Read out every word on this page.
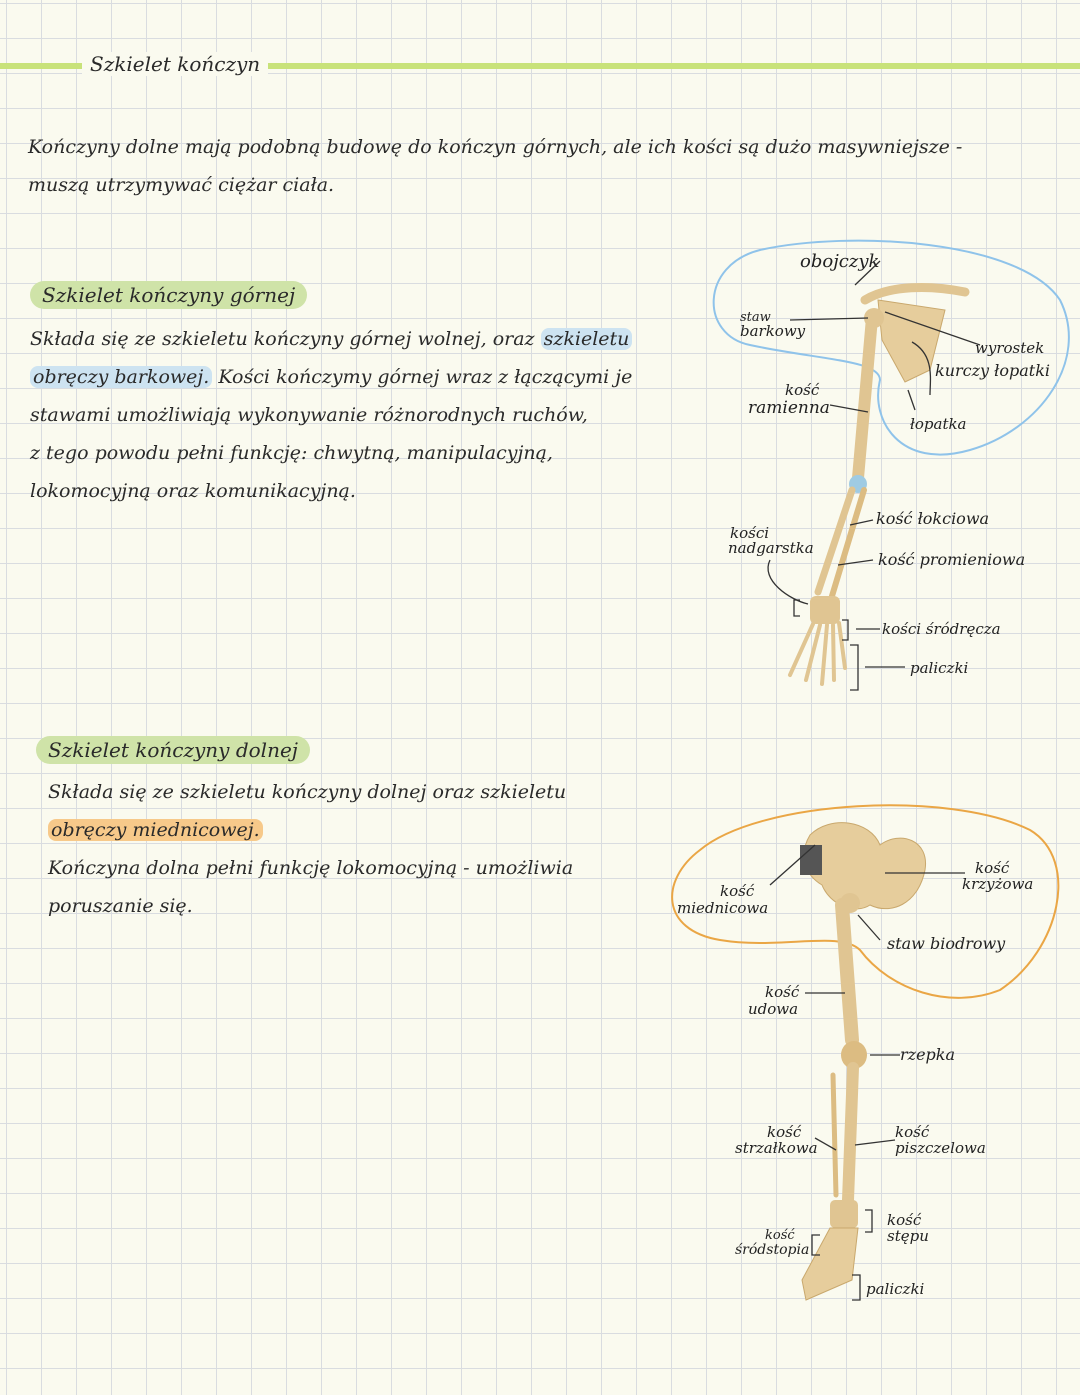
Szkielet kończyn
Kończyny dolne mają podobną budowę do kończyn górnych, ale ich kości są dużo masywniejsze -
muszą utrzymywać ciężar ciała.
Szkielet kończyny górnej
Składa się ze szkieletu kończyny górnej wolnej, oraz szkieletu
obręczy barkowej. Kości kończymy górnej wraz z łączącymi je
stawami umożliwiają wykonywanie różnorodnych ruchów,
z tego powodu pełni funkcję: chwytną, manipulacyjną,
lokomocyjną oraz komunikacyjną.
Szkielet kończyny dolnej
Składa się ze szkieletu kończyny dolnej oraz szkieletu
obręczy miednicowej.
Kończyna dolna pełni funkcję lokomocyjną - umożliwia
poruszanie się.
obojczyk
staw
barkowy
wyrostek
kurczy łopatki
kość
ramienna
łopatka
kość łokciowa
kości
nadgarstka
kość promieniowa
kości śródręcza
paliczki
kość
miednicowa
kość
krzyżowa
staw biodrowy
kość
udowa
rzepka
kość
strzałkowa
kość
piszczelowa
kość
stępu
kość
śródstopia
paliczki
